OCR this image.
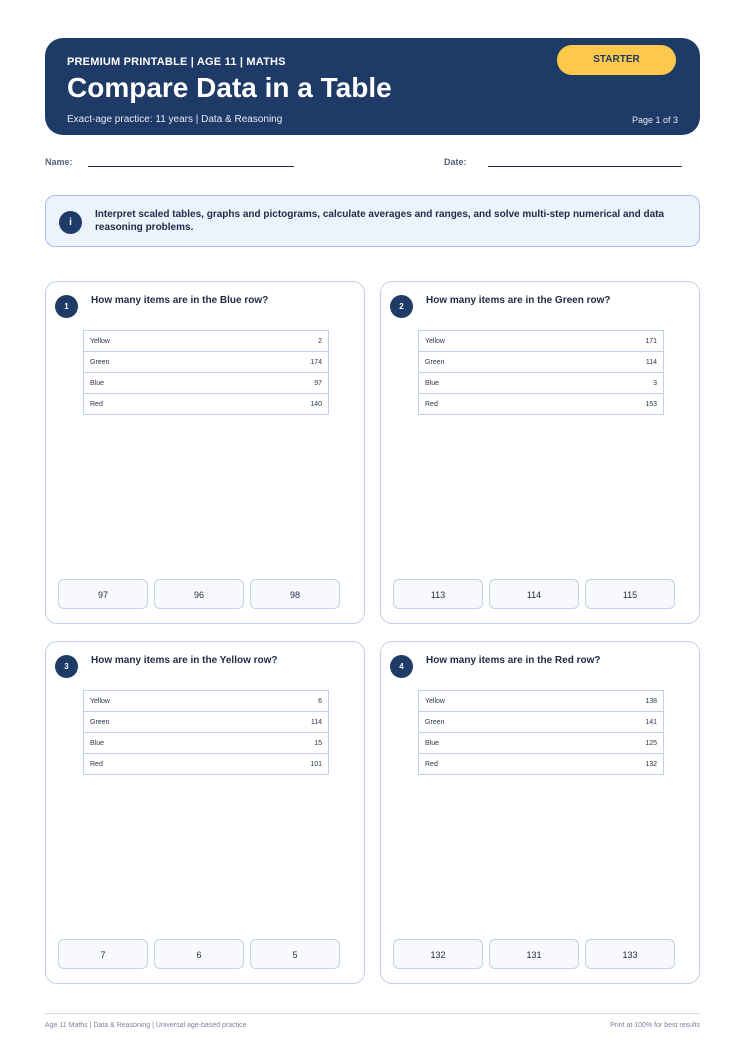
PREMIUM PRINTABLE | AGE 11 | MATHS
Compare Data in a Table
Exact-age practice: 11 years | Data & Reasoning	Page 1 of 3
STARTER
Name:	Date:
i
Interpret scaled tables, graphs and pictograms, calculate averages and ranges, and solve multi-step numerical and data reasoning problems.
1
How many items are in the Blue row?
Yellow	2
Green	174
Blue	97
Red	140
97	96	98
2
How many items are in the Green row?
Yellow	171
Green	114
Blue	3
Red	153
113	114	115
3
How many items are in the Yellow row?
Yellow	6
Green	114
Blue	15
Red	101
7	6	5
4
How many items are in the Red row?
Yellow	138
Green	141
Blue	125
Red	132
132	131	133
Age 11 Maths | Data & Reasoning | Universal age-based practice	Print at 100% for best results
